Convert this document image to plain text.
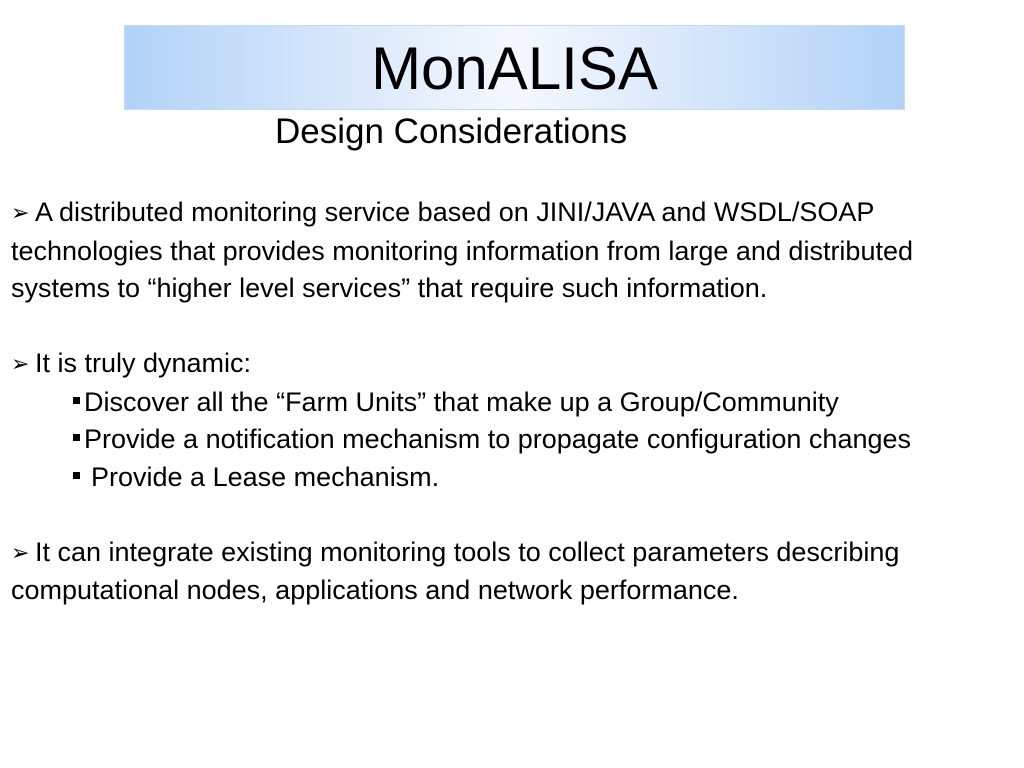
MonALISA
Design Considerations

➢ A distributed monitoring service based on JINI/JAVA and WSDL/SOAP technologies that provides monitoring information from large and distributed systems to “higher level services” that require such information.

➢ It is truly dynamic:

Discover all the “Farm Units” that make up a Group/Community

Provide a notification mechanism to propagate configuration changes

Provide a Lease mechanism.

➢ It can integrate existing monitoring tools to collect parameters describing computational nodes, applications and network performance.
